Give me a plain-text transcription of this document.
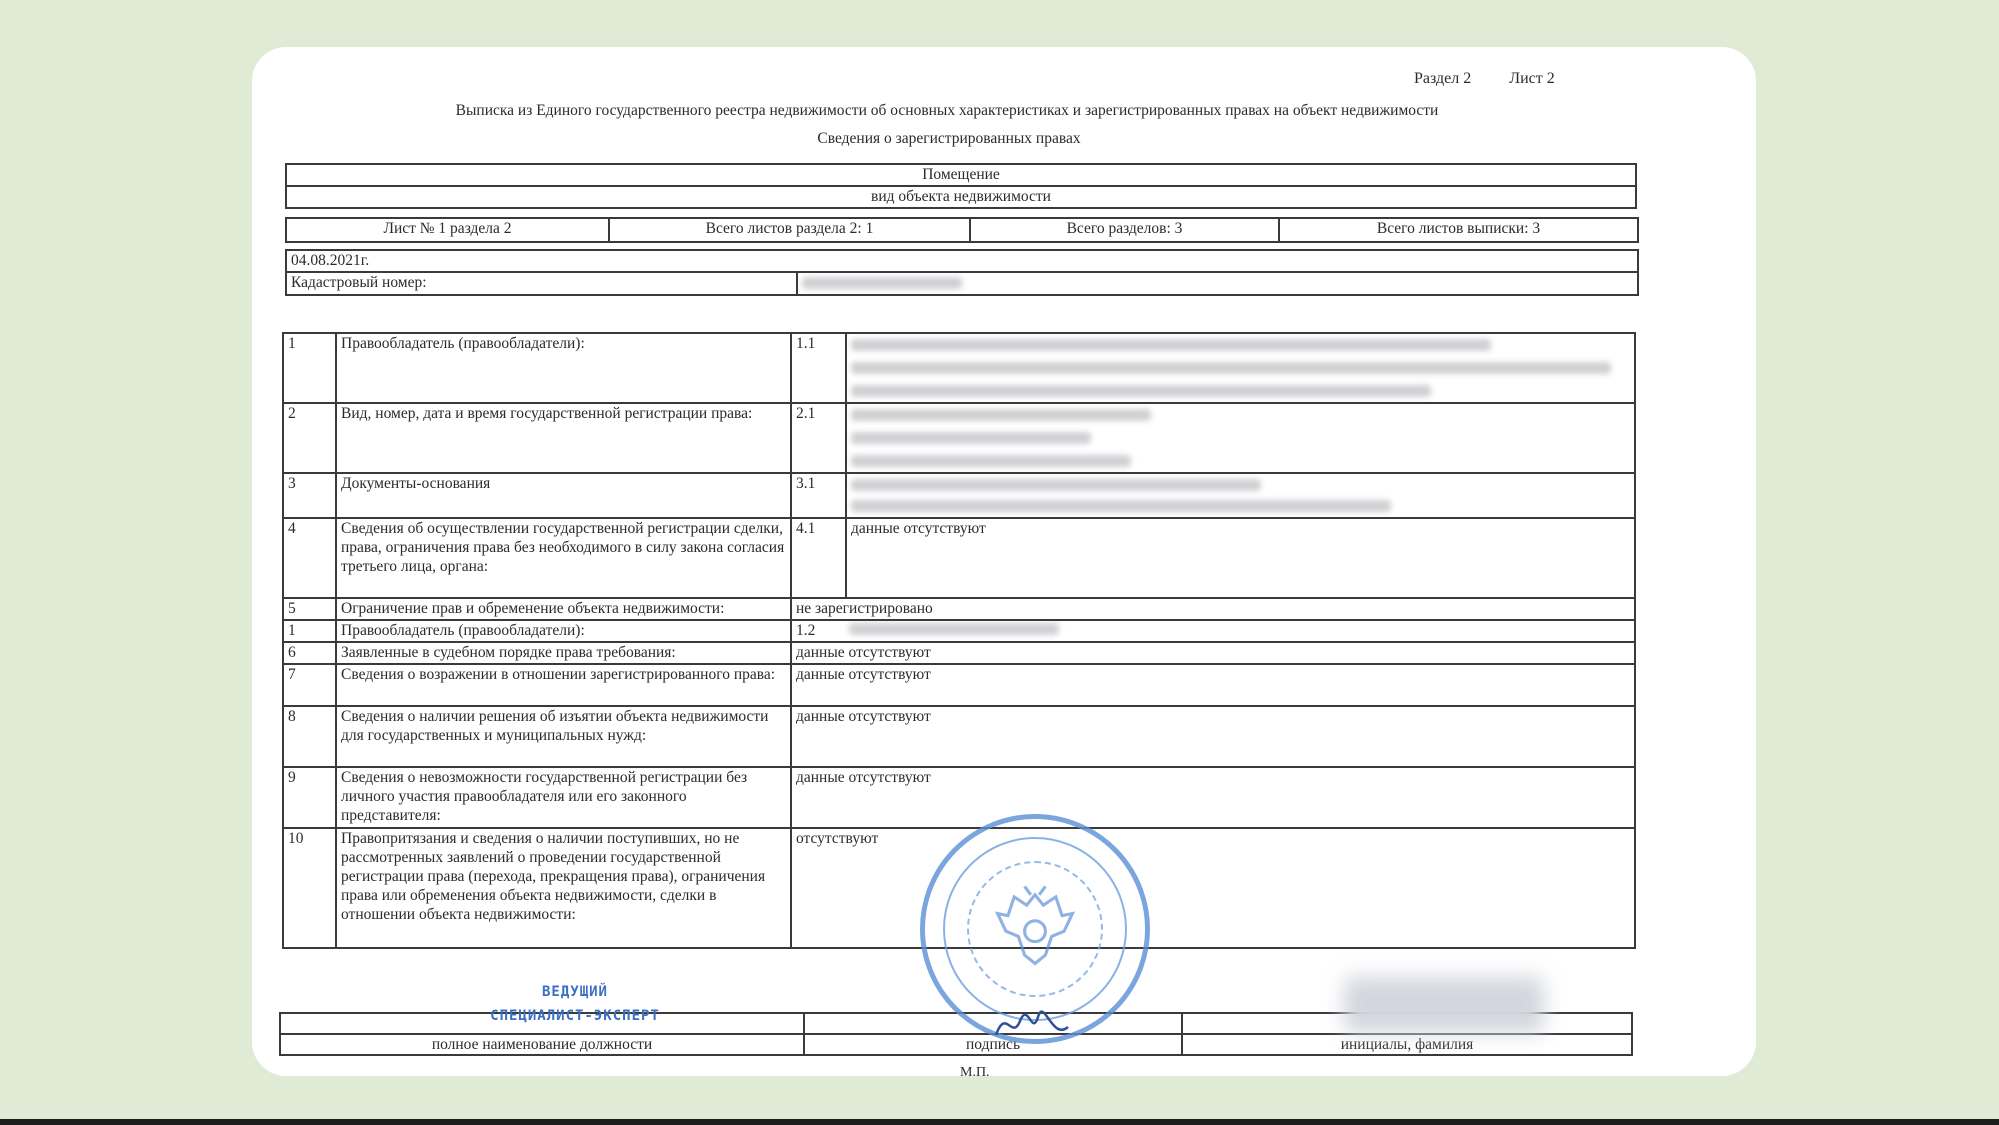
Раздел 2 Лист 2
Выписка из Единого государственного реестра недвижимости об основных характеристиках и зарегистрированных правах на объект недвижимости
Сведения о зарегистрированных правах
Помещение
вид объекта недвижимости
Лист № 1 раздела 2	Всего листов раздела 2: 1	Всего разделов: 3	Всего листов выписки: 3
04.08.2021г.
Кадастровый номер:	
1	Правообладатель (правообладатели):	1.1	

2	Вид, номер, дата и время государственной регистрации права:	2.1	

3	Документы-основания	3.1	

4	Сведения об осуществлении государственной регистрации сделки, права, ограничения права без необходимого в силу закона согласия третьего лица, органа:	4.1	данные отсутствуют
5	Ограничение прав и обременение объекта недвижимости:	не зарегистрировано	
1	Правообладатель (правообладатели):	1.2	
6	Заявленные в судебном порядке права требования:	данные отсутствуют	
7	Сведения о возражении в отношении зарегистрированного права:	данные отсутствуют	
8	Сведения о наличии решения об изъятии объекта недвижимости для государственных и муниципальных нужд:	данные отсутствуют	
9	Сведения о невозможности государственной регистрации без личного участия правообладателя или его законного представителя:	данные отсутствуют	
10	Правопритязания и сведения о наличии поступивших, но не рассмотренных заявлений о проведении государственной регистрации права (перехода, прекращения права), ограничения права или обременения объекта недвижимости, сделки в отношении объекта недвижимости:	отсутствуют	

полное наименование должности	подпись	инициалы, фамилия
ВЕДУЩИЙ
СПЕЦИАЛИСТ-ЭКСПЕРТ
М.П.
